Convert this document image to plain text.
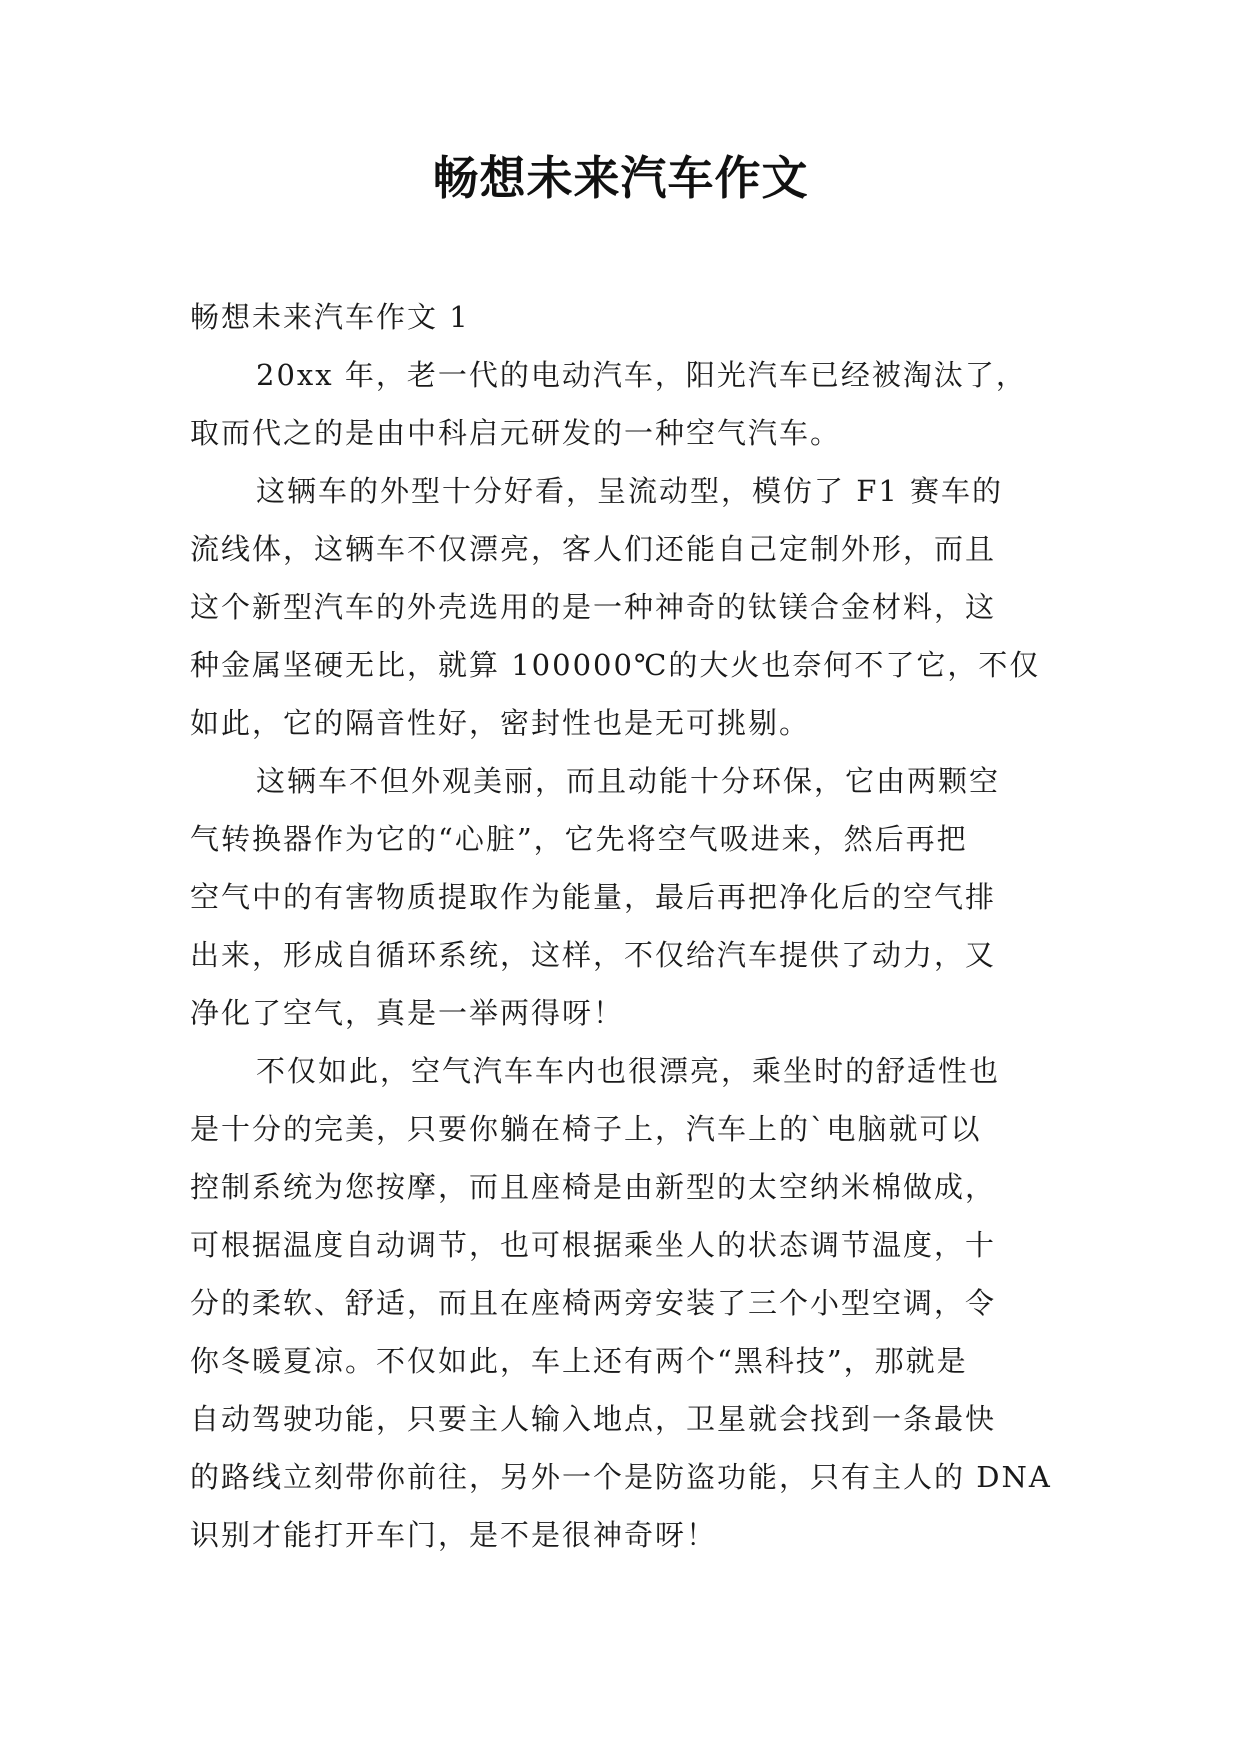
畅想未来汽车作文

畅想未来汽车作文 1

20xx 年，老一代的电动汽车，阳光汽车已经被淘汰了，
取而代之的是由中科启元研发的一种空气汽车。
这辆车的外型十分好看，呈流动型，模仿了 F1 赛车的
流线体，这辆车不仅漂亮，客人们还能自己定制外形，而且
这个新型汽车的外壳选用的是一种神奇的钛镁合金材料，这
种金属坚硬无比，就算 100000℃的大火也奈何不了它，不仅
如此，它的隔音性好，密封性也是无可挑剔。
这辆车不但外观美丽，而且动能十分环保，它由两颗空
气转换器作为它的“心脏”，它先将空气吸进来，然后再把
空气中的有害物质提取作为能量，最后再把净化后的空气排
出来，形成自循环系统，这样，不仅给汽车提供了动力，又
净化了空气，真是一举两得呀！
不仅如此，空气汽车车内也很漂亮，乘坐时的舒适性也
是十分的完美，只要你躺在椅子上，汽车上的`电脑就可以
控制系统为您按摩，而且座椅是由新型的太空纳米棉做成，
可根据温度自动调节，也可根据乘坐人的状态调节温度，十
分的柔软、舒适，而且在座椅两旁安装了三个小型空调，令
你冬暖夏凉。不仅如此，车上还有两个“黑科技”，那就是
自动驾驶功能，只要主人输入地点，卫星就会找到一条最快
的路线立刻带你前往，另外一个是防盗功能，只有主人的 DNA
识别才能打开车门，是不是很神奇呀！
